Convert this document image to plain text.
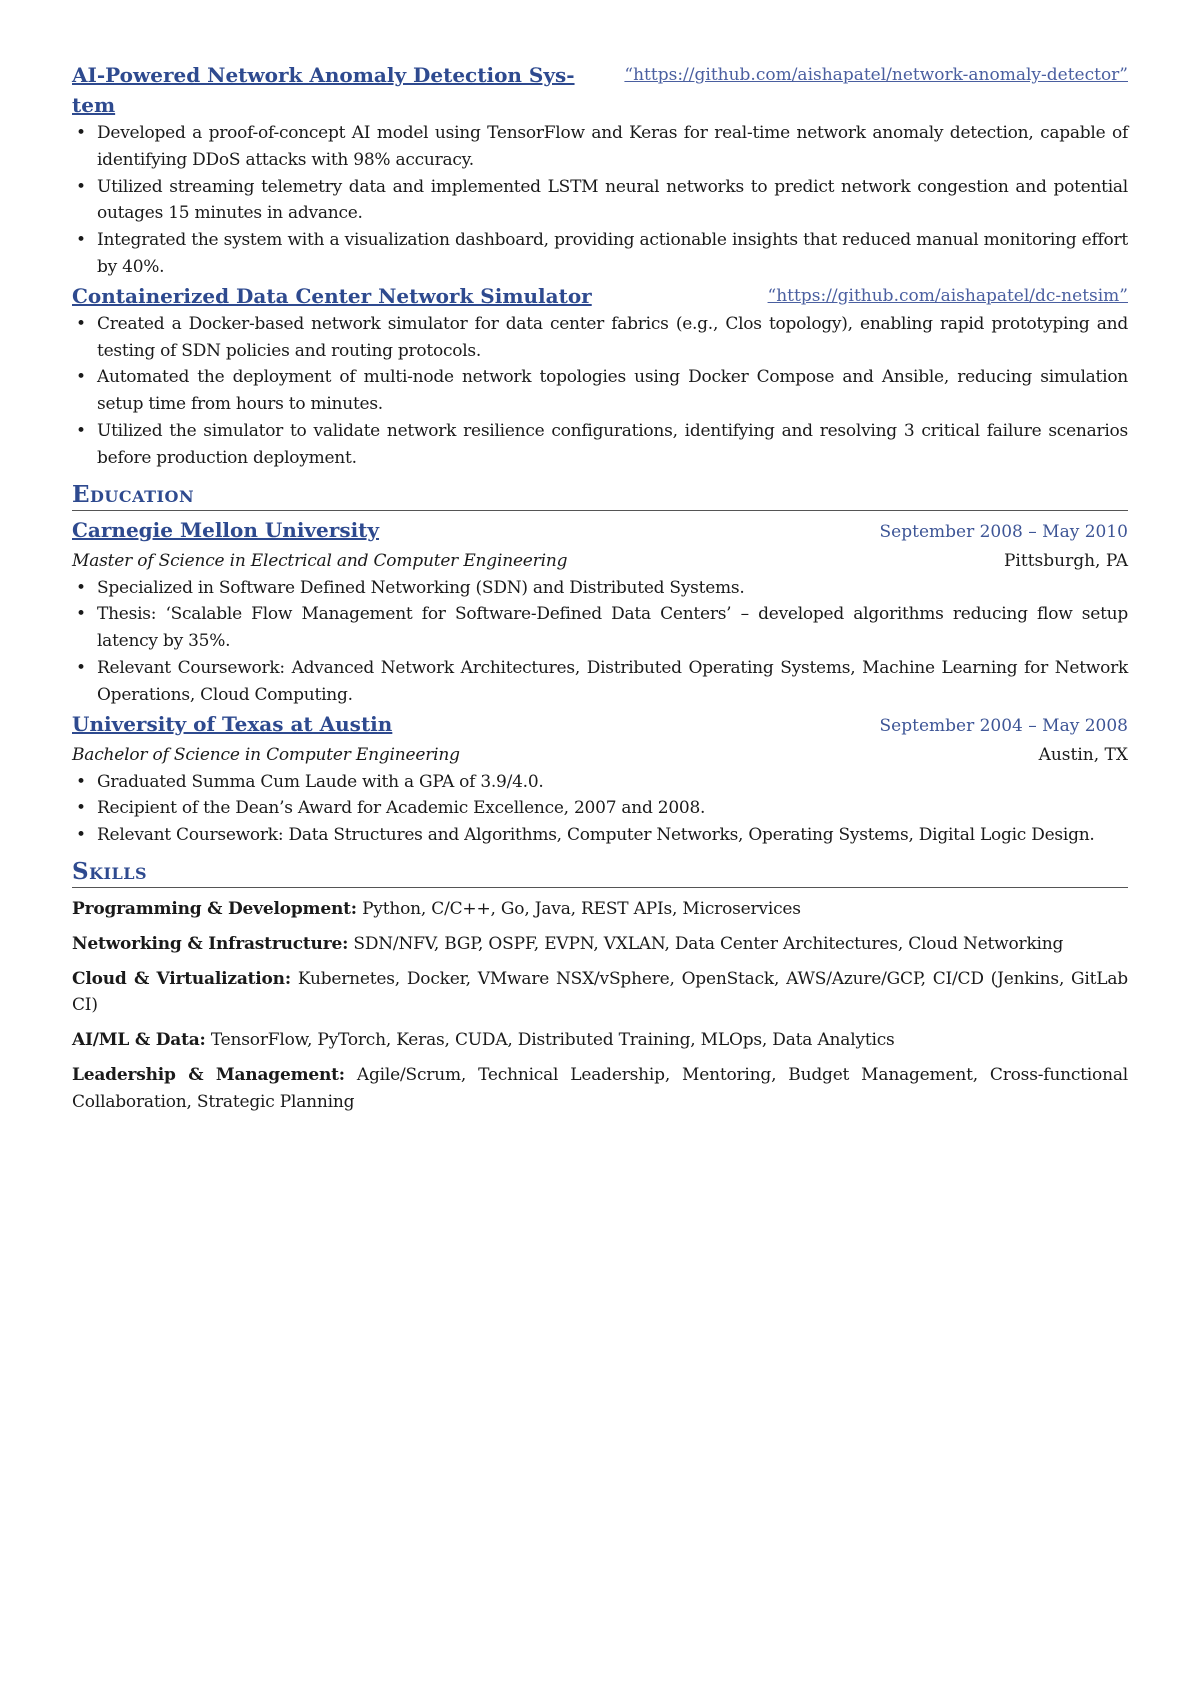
AI-Powered Network Anomaly Detection Sys-
tem
“https://github.com/aishapatel/network-anomaly-detector”
• Developed a proof-of-concept AI model using TensorFlow and Keras for real-time network anomaly detection, capable of identifying DDoS attacks with 98% accuracy.
• Utilized streaming telemetry data and implemented LSTM neural networks to predict network congestion and potential outages 15 minutes in advance.
• Integrated the system with a visualization dashboard, providing actionable insights that reduced manual monitoring effort by 40%.
Containerized Data Center Network Simulator	“https://github.com/aishapatel/dc-netsim”
• Created a Docker-based network simulator for data center fabrics (e.g., Clos topology), enabling rapid prototyping and testing of SDN policies and routing protocols.
• Automated the deployment of multi-node network topologies using Docker Compose and Ansible, reducing simulation setup time from hours to minutes.
• Utilized the simulator to validate network resilience configurations, identifying and resolving 3 critical failure scenarios before production deployment.
Education
Carnegie Mellon University	September 2008 – May 2010
Master of Science in Electrical and Computer Engineering	Pittsburgh, PA
• Specialized in Software Defined Networking (SDN) and Distributed Systems.
• Thesis: ‘Scalable Flow Management for Software-Defined Data Centers’ – developed algorithms reducing flow setup latency by 35%.
• Relevant Coursework: Advanced Network Architectures, Distributed Operating Systems, Machine Learning for Network Operations, Cloud Computing.
University of Texas at Austin	September 2004 – May 2008
Bachelor of Science in Computer Engineering	Austin, TX
• Graduated Summa Cum Laude with a GPA of 3.9/4.0.
• Recipient of the Dean’s Award for Academic Excellence, 2007 and 2008.
• Relevant Coursework: Data Structures and Algorithms, Computer Networks, Operating Systems, Digital Logic Design.
Skills
Programming & Development: Python, C/C++, Go, Java, REST APIs, Microservices
Networking & Infrastructure: SDN/NFV, BGP, OSPF, EVPN, VXLAN, Data Center Architectures, Cloud Networking
Cloud & Virtualization: Kubernetes, Docker, VMware NSX/vSphere, OpenStack, AWS/Azure/GCP, CI/CD (Jenkins, GitLab CI)
AI/ML & Data: TensorFlow, PyTorch, Keras, CUDA, Distributed Training, MLOps, Data Analytics
Leadership & Management: Agile/Scrum, Technical Leadership, Mentoring, Budget Management, Cross-functional Collaboration, Strategic Planning
